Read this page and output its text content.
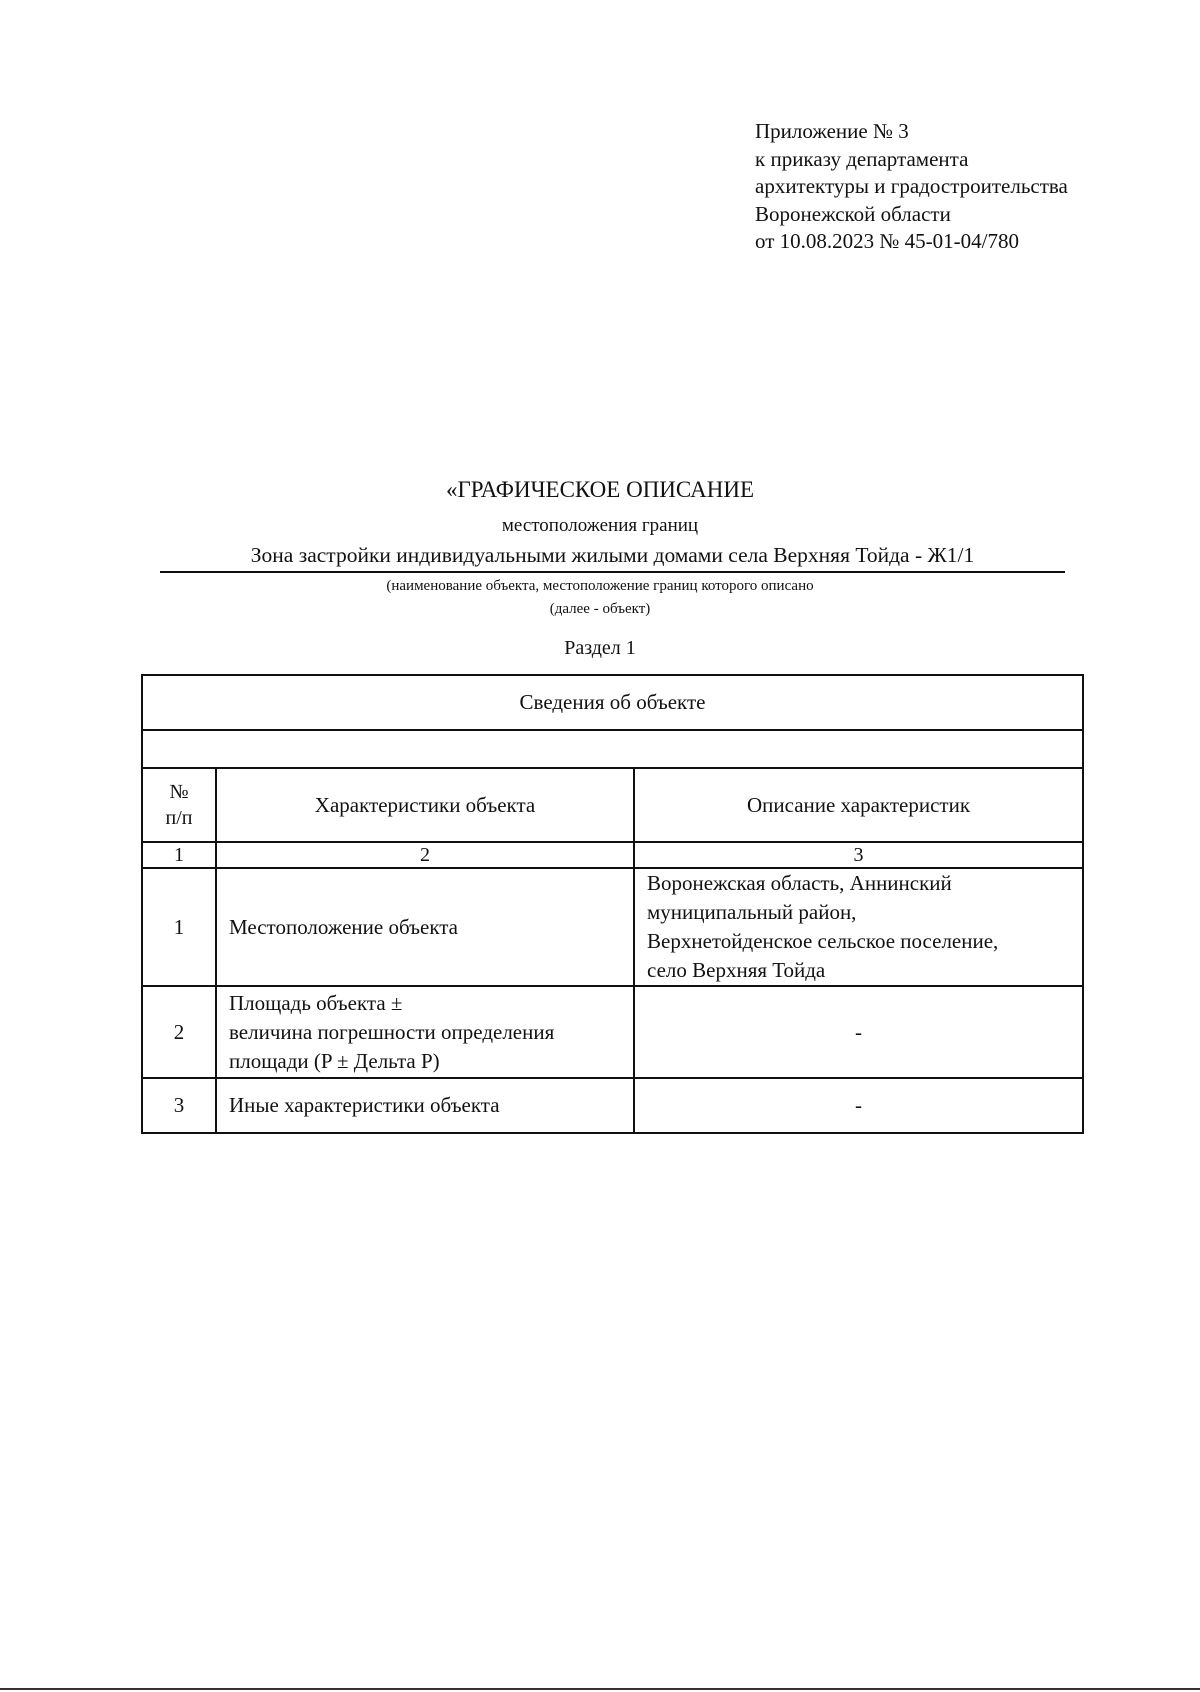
Приложение № 3
к приказу департамента
архитектуры и градостроительства
Воронежской области
от 10.08.2023 № 45-01-04/780
«ГРАФИЧЕСКОЕ ОПИСАНИЕ
местоположения границ
Зона застройки индивидуальными жилыми домами села Верхняя Тойда - Ж1/1
(наименование объекта, местоположение границ которого описано
(далее - объект)
Раздел 1
Сведения об объекте		

№
п/п	Характеристики объекта	Описание характеристик
1	2	3
1	Местоположение объекта	Воронежская область, Аннинский
муниципальный район,
Верхнетойденское сельское поселение,
село Верхняя Тойда

2	Площадь объекта ±
величина погрешности определения
площади (P ± Дельта P)	-

3	Иные характеристики объекта	-
